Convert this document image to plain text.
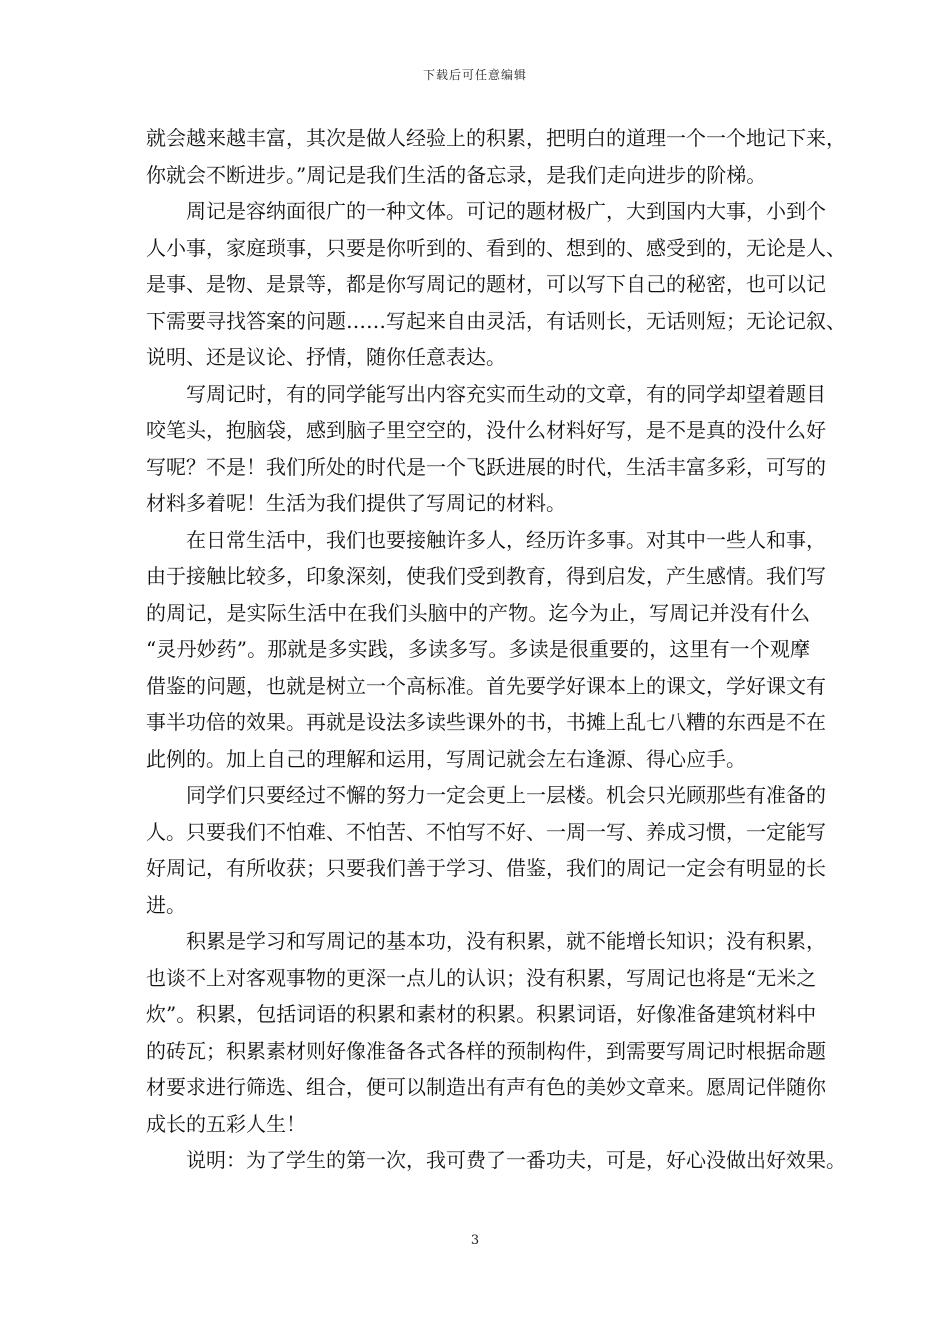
下载后可任意编辑
就会越来越丰富，其次是做人经验上的积累，把明白的道理一个一个地记下来，
你就会不断进步。”周记是我们生活的备忘录，是我们走向进步的阶梯。
周记是容纳面很广的一种文体。可记的题材极广，大到国内大事，小到个
人小事，家庭琐事，只要是你听到的、看到的、想到的、感受到的，无论是人、
是事、是物、是景等，都是你写周记的题材，可以写下自己的秘密，也可以记
下需要寻找答案的问题……写起来自由灵活，有话则长，无话则短；无论记叙、
说明、还是议论、抒情，随你任意表达。
写周记时，有的同学能写出内容充实而生动的文章，有的同学却望着题目
咬笔头，抱脑袋，感到脑子里空空的，没什么材料好写，是不是真的没什么好
写呢？不是！我们所处的时代是一个飞跃进展的时代，生活丰富多彩，可写的
材料多着呢！生活为我们提供了写周记的材料。
在日常生活中，我们也要接触许多人，经历许多事。对其中一些人和事，
由于接触比较多，印象深刻，使我们受到教育，得到启发，产生感情。我们写
的周记，是实际生活中在我们头脑中的产物。迄今为止，写周记并没有什么
“灵丹妙药”。那就是多实践，多读多写。多读是很重要的，这里有一个观摩
借鉴的问题，也就是树立一个高标准。首先要学好课本上的课文，学好课文有
事半功倍的效果。再就是设法多读些课外的书，书摊上乱七八糟的东西是不在
此例的。加上自己的理解和运用，写周记就会左右逢源、得心应手。
同学们只要经过不懈的努力一定会更上一层楼。机会只光顾那些有准备的
人。只要我们不怕难、不怕苦、不怕写不好、一周一写、养成习惯，一定能写
好周记，有所收获；只要我们善于学习、借鉴，我们的周记一定会有明显的长
进。
积累是学习和写周记的基本功，没有积累，就不能增长知识；没有积累，
也谈不上对客观事物的更深一点儿的认识；没有积累，写周记也将是“无米之
炊”。积累，包括词语的积累和素材的积累。积累词语，好像准备建筑材料中
的砖瓦；积累素材则好像准备各式各样的预制构件，到需要写周记时根据命题
材要求进行筛选、组合，便可以制造出有声有色的美妙文章来。愿周记伴随你
成长的五彩人生！
说明：为了学生的第一次，我可费了一番功夫，可是，好心没做出好效果。
3
